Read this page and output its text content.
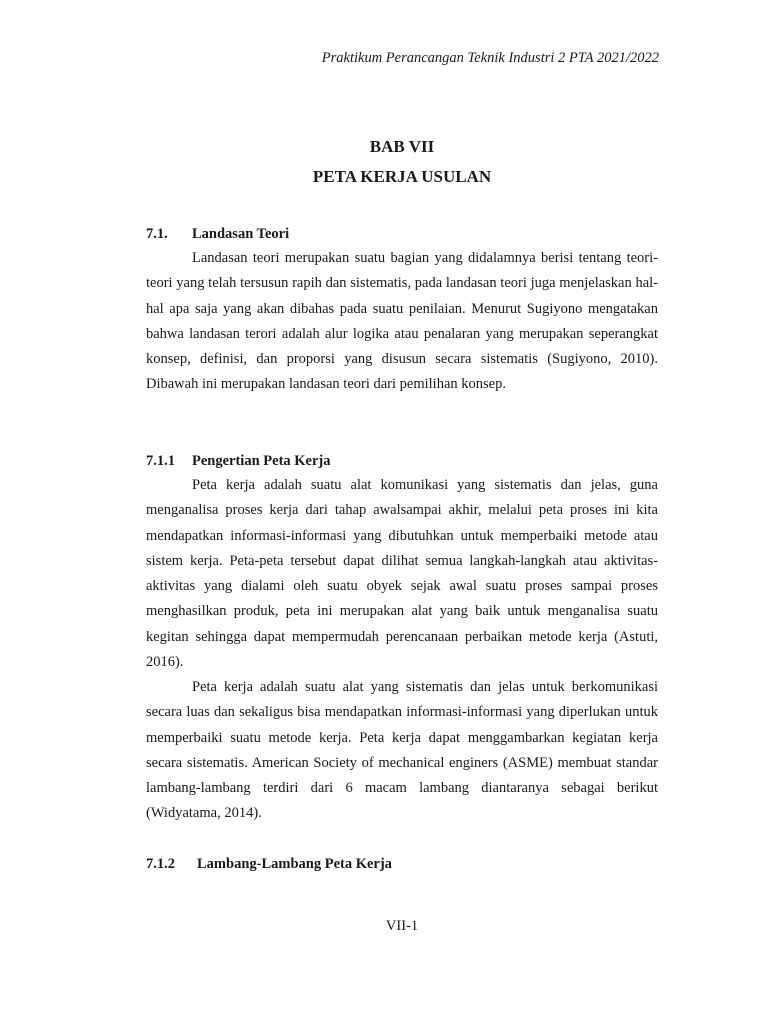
Praktikum Perancangan Teknik Industri 2 PTA 2021/2022
BAB VII
PETA KERJA USULAN
7.1. Landasan Teori

Landasan teori merupakan suatu bagian yang didalamnya berisi tentang teori-teori yang telah tersusun rapih dan sistematis, pada landasan teori juga menjelaskan hal-hal apa saja yang akan dibahas pada suatu penilaian. Menurut Sugiyono mengatakan bahwa landasan terori adalah alur logika atau penalaran yang merupakan seperangkat konsep, definisi, dan proporsi yang disusun secara sistematis (Sugiyono, 2010). Dibawah ini merupakan landasan teori dari pemilihan konsep.

7.1.1 Pengertian Peta Kerja

Peta kerja adalah suatu alat komunikasi yang sistematis dan jelas, guna menganalisa proses kerja dari tahap awalsampai akhir, melalui peta proses ini kita mendapatkan informasi-informasi yang dibutuhkan untuk memperbaiki metode atau sistem kerja. Peta-peta tersebut dapat dilihat semua langkah-langkah atau aktivitas-aktivitas yang dialami oleh suatu obyek sejak awal suatu proses sampai proses menghasilkan produk, peta ini merupakan alat yang baik untuk menganalisa suatu kegitan sehingga dapat mempermudah perencanaan perbaikan metode kerja (Astuti, 2016).

Peta kerja adalah suatu alat yang sistematis dan jelas untuk berkomunikasi secara luas dan sekaligus bisa mendapatkan informasi-informasi yang diperlukan untuk memperbaiki suatu metode kerja. Peta kerja dapat menggambarkan kegiatan kerja secara sistematis. American Society of mechanical enginers (ASME) membuat standar lambang-lambang terdiri dari 6 macam lambang diantaranya sebagai berikut (Widyatama, 2014).

7.1.2 Lambang-Lambang Peta Kerja
VII-1
